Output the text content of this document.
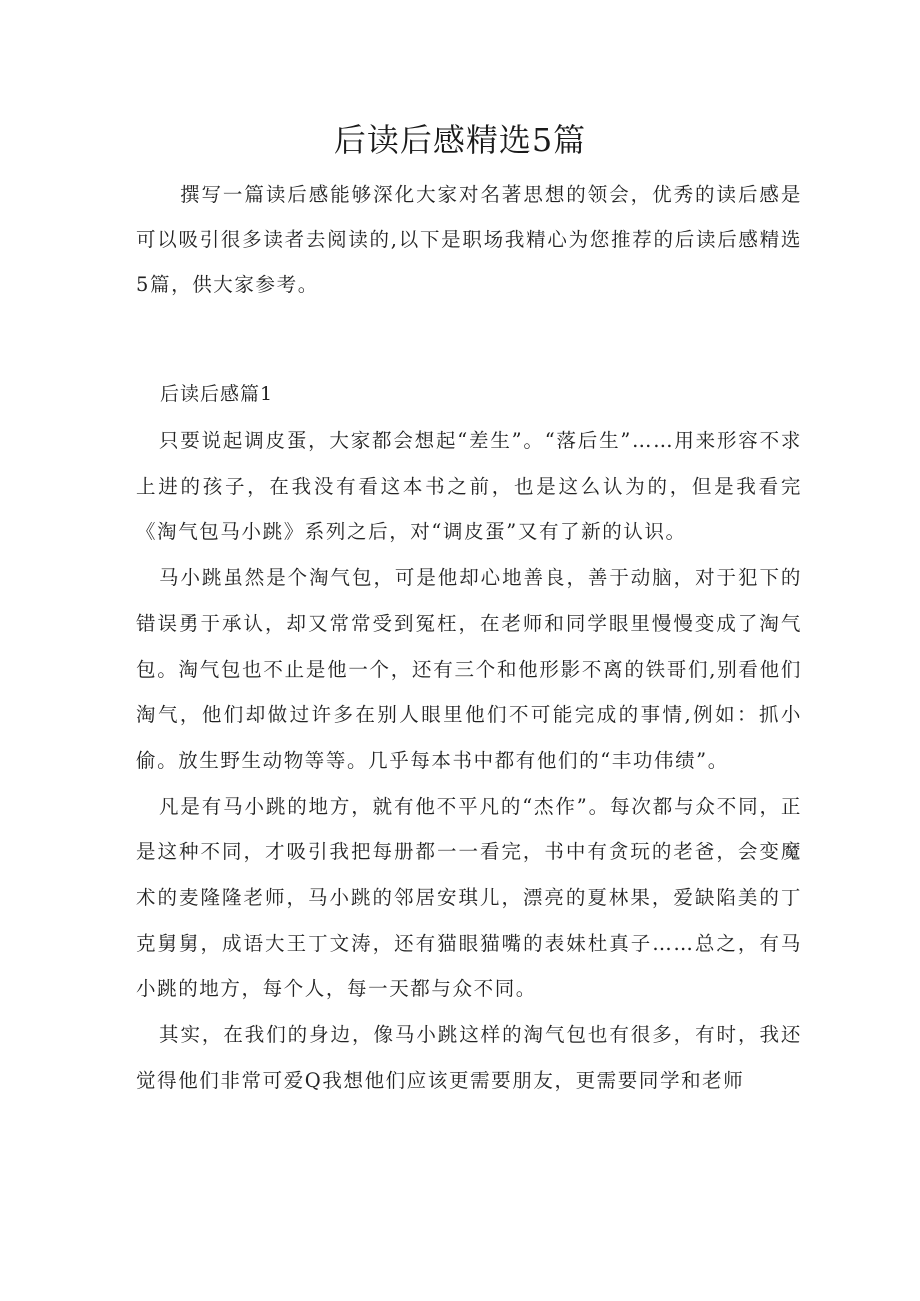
后读后感精选5篇
撰写一篇读后感能够深化大家对名著思想的领会，优秀的读后感是可以吸引很多读者去阅读的,以下是职场我精心为您推荐的后读后感精选5篇，供大家参考。
后读后感篇1

只要说起调皮蛋，大家都会想起“差生”。“落后生”……用来形容不求上进的孩子，在我没有看这本书之前，也是这么认为的，但是我看完《淘气包马小跳》系列之后，对“调皮蛋”又有了新的认识。

马小跳虽然是个淘气包，可是他却心地善良，善于动脑，对于犯下的错误勇于承认，却又常常受到冤枉，在老师和同学眼里慢慢变成了淘气包。淘气包也不止是他一个，还有三个和他形影不离的铁哥们,别看他们淘气，他们却做过许多在别人眼里他们不可能完成的事情,例如：抓小偷。放生野生动物等等。几乎每本书中都有他们的“丰功伟绩”。

凡是有马小跳的地方，就有他不平凡的“杰作”。每次都与众不同，正是这种不同，才吸引我把每册都一一看完，书中有贪玩的老爸，会变魔术的麦隆隆老师，马小跳的邻居安琪儿，漂亮的夏林果，爱缺陷美的丁克舅舅，成语大王丁文涛，还有猫眼猫嘴的表妹杜真子……总之，有马小跳的地方，每个人，每一天都与众不同。

其实，在我们的身边，像马小跳这样的淘气包也有很多，有时，我还觉得他们非常可爱Q我想他们应该更需要朋友，更需要同学和老师
